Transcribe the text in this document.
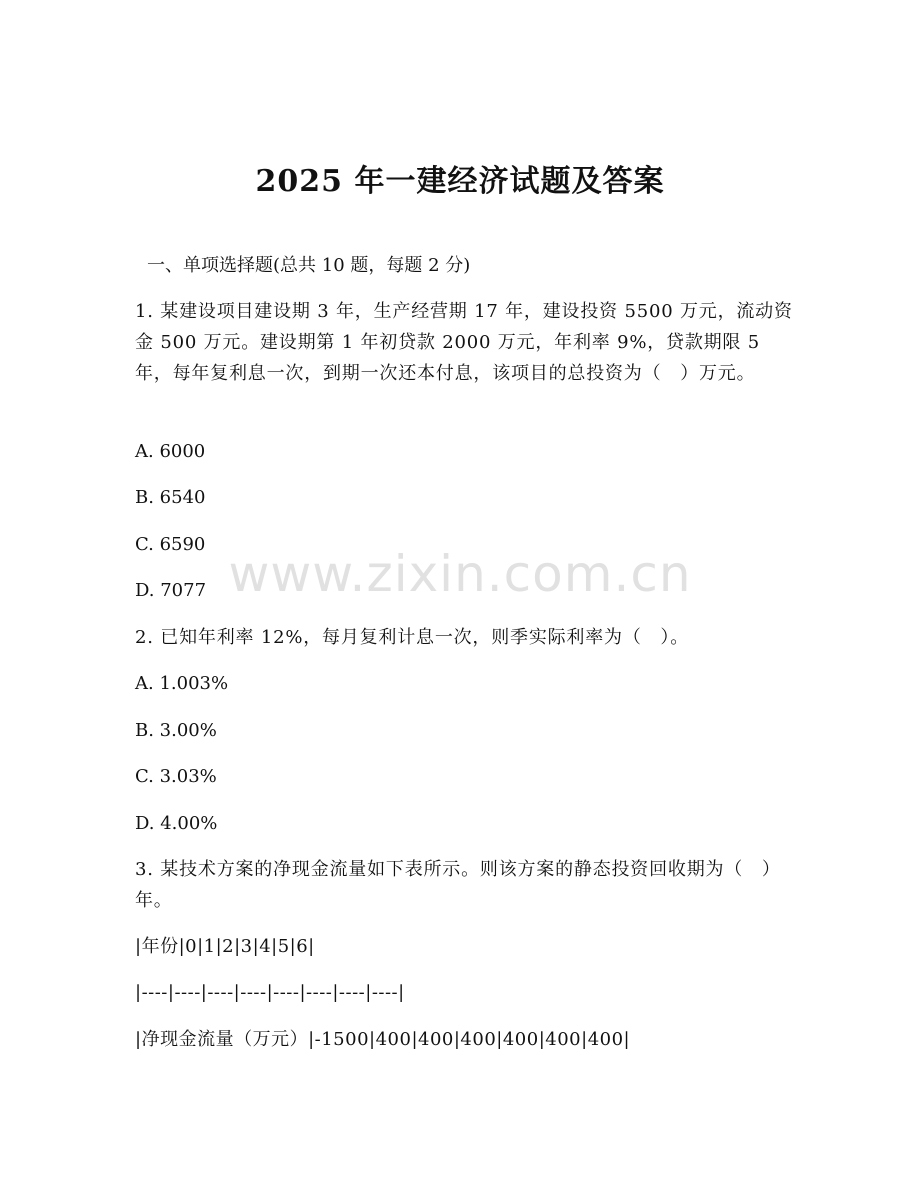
2025 年一建经济试题及答案
一、单项选择题(总共 10 题，每题 2 分)
1. 某建设项目建设期 3 年，生产经营期 17 年，建设投资 5500 万元，流动资金 500 万元。建设期第 1 年初贷款 2000 万元，年利率 9%，贷款期限 5 年，每年复利息一次，到期一次还本付息，该项目的总投资为（　）万元。
A. 6000
B. 6540
C. 6590
D. 7077
2. 已知年利率 12%，每月复利计息一次，则季实际利率为（　）。
A. 1.003%
B. 3.00%
C. 3.03%
D. 4.00%
3. 某技术方案的净现金流量如下表所示。则该方案的静态投资回收期为（　）年。
|年份|0|1|2|3|4|5|6|
|----|----|----|----|----|----|----|----|
|净现金流量（万元）|-1500|400|400|400|400|400|400|
www.zixin.com.cn
